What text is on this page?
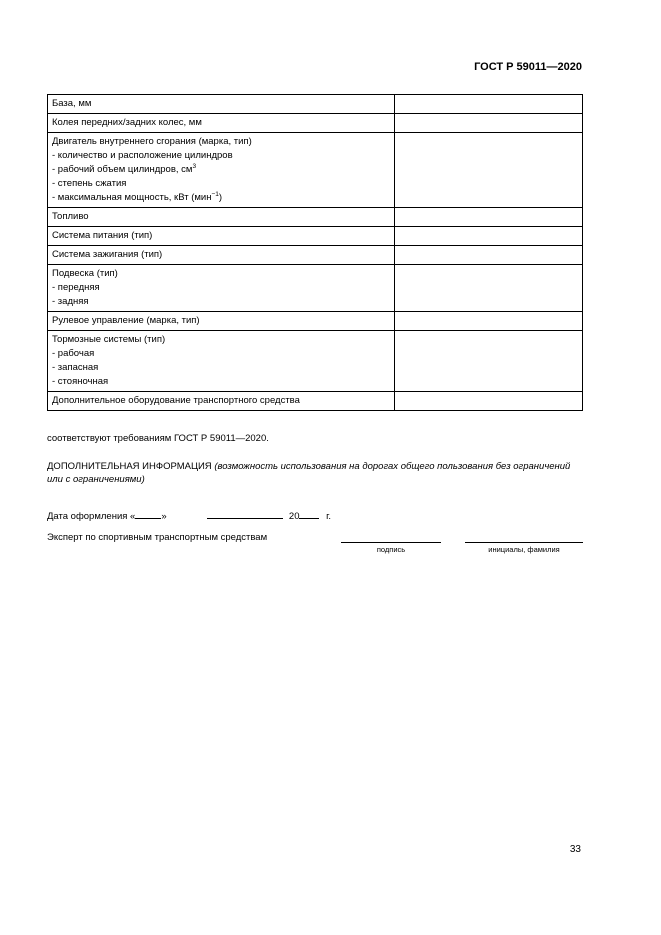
ГОСТ Р 59011—2020
База, мм	

Колея передних/задних колес, мм	

Двигатель внутреннего сгорания (марка, тип)
- количество и расположение цилиндров
- рабочий объем цилиндров, $см^3$
- степень сжатия
- максимальная мощность, кВт (мин$^{-1}$)	

Топливо	

Система питания (тип)	

Система зажигания (тип)	

Подвеска (тип)
- передняя
- задняя	

Рулевое управление (марка, тип)	

Тормозные системы (тип)
- рабочая
- запасная
- стояночная	

Дополнительное оборудование транспортного средства	

соответствуют требованиям ГОСТ Р 59011—2020.
ДОПОЛНИТЕЛЬНАЯ ИНФОРМАЦИЯ (возможность использования на дорогах общего пользования без ограничений или с ограничениями)
Дата оформления «	»	20	г.
Эксперт по спортивным транспортным средствам
подпись	инициалы, фамилия
33
